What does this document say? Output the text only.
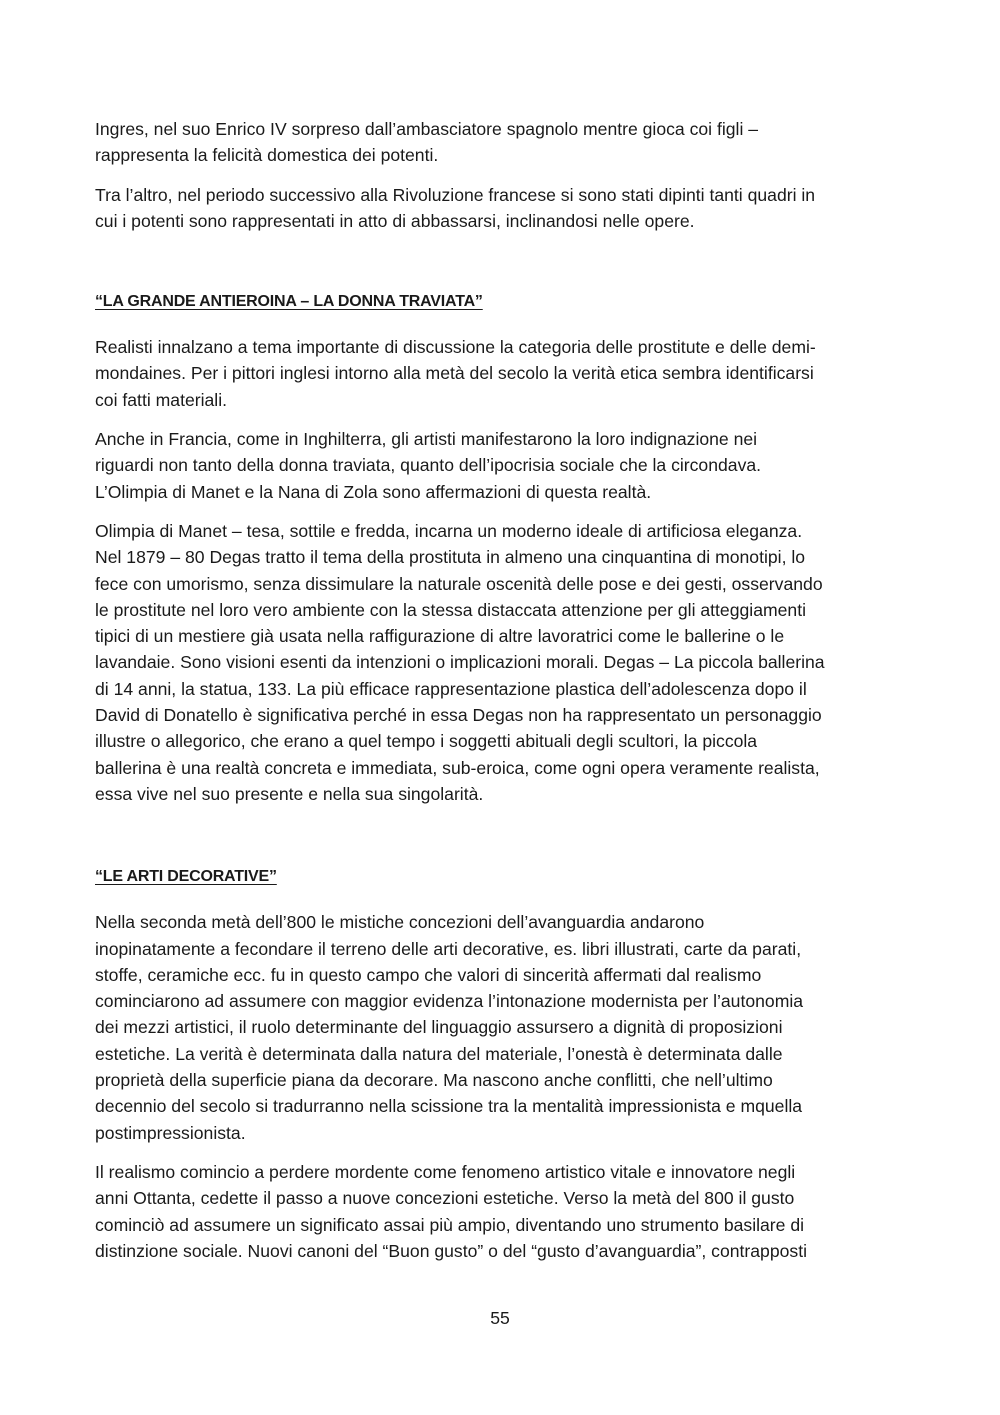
Ingres, nel suo Enrico IV sorpreso dall’ambasciatore spagnolo mentre gioca coi figli –
rappresenta la felicità domestica dei potenti.

Tra l’altro, nel periodo successivo alla Rivoluzione francese si sono stati dipinti tanti quadri in
cui i potenti sono rappresentati in atto di abbassarsi, inclinandosi nelle opere.

“LA GRANDE ANTIEROINA – LA DONNA TRAVIATA”

Realisti innalzano a tema importante di discussione la categoria delle prostitute e delle demi-
mondaines. Per i pittori inglesi intorno alla metà del secolo la verità etica sembra identificarsi
coi fatti materiali.

Anche in Francia, come in Inghilterra, gli artisti manifestarono la loro indignazione nei
riguardi non tanto della donna traviata, quanto dell’ipocrisia sociale che la circondava.
L’Olimpia di Manet e la Nana di Zola sono affermazioni di questa realtà.

Olimpia di Manet – tesa, sottile e fredda, incarna un moderno ideale di artificiosa eleganza.
Nel 1879 – 80 Degas tratto il tema della prostituta in almeno una cinquantina di monotipi, lo
fece con umorismo, senza dissimulare la naturale oscenità delle pose e dei gesti, osservando
le prostitute nel loro vero ambiente con la stessa distaccata attenzione per gli atteggiamenti
tipici di un mestiere già usata nella raffigurazione di altre lavoratrici come le ballerine o le
lavandaie. Sono visioni esenti da intenzioni o implicazioni morali. Degas – La piccola ballerina
di 14 anni, la statua, 133. La più efficace rappresentazione plastica dell’adolescenza dopo il
David di Donatello è significativa perché in essa Degas non ha rappresentato un personaggio
illustre o allegorico, che erano a quel tempo i soggetti abituali degli scultori, la piccola
ballerina è una realtà concreta e immediata, sub-eroica, come ogni opera veramente realista,
essa vive nel suo presente e nella sua singolarità.

“LE ARTI DECORATIVE”

Nella seconda metà dell’800 le mistiche concezioni dell’avanguardia andarono
inopinatamente a fecondare il terreno delle arti decorative, es. libri illustrati, carte da parati,
stoffe, ceramiche ecc. fu in questo campo che valori di sincerità affermati dal realismo
cominciarono ad assumere con maggior evidenza l’intonazione modernista per l’autonomia
dei mezzi artistici, il ruolo determinante del linguaggio assursero a dignità di proposizioni
estetiche. La verità è determinata dalla natura del materiale, l’onestà è determinata dalle
proprietà della superficie piana da decorare. Ma nascono anche conflitti, che nell’ultimo
decennio del secolo si tradurranno nella scissione tra la mentalità impressionista e mquella
postimpressionista.

Il realismo comincio a perdere mordente come fenomeno artistico vitale e innovatore negli
anni Ottanta, cedette il passo a nuove concezioni estetiche. Verso la metà del 800 il gusto
cominciò ad assumere un significato assai più ampio, diventando uno strumento basilare di
distinzione sociale. Nuovi canoni del “Buon gusto” o del “gusto d’avanguardia”, contrapposti

55
